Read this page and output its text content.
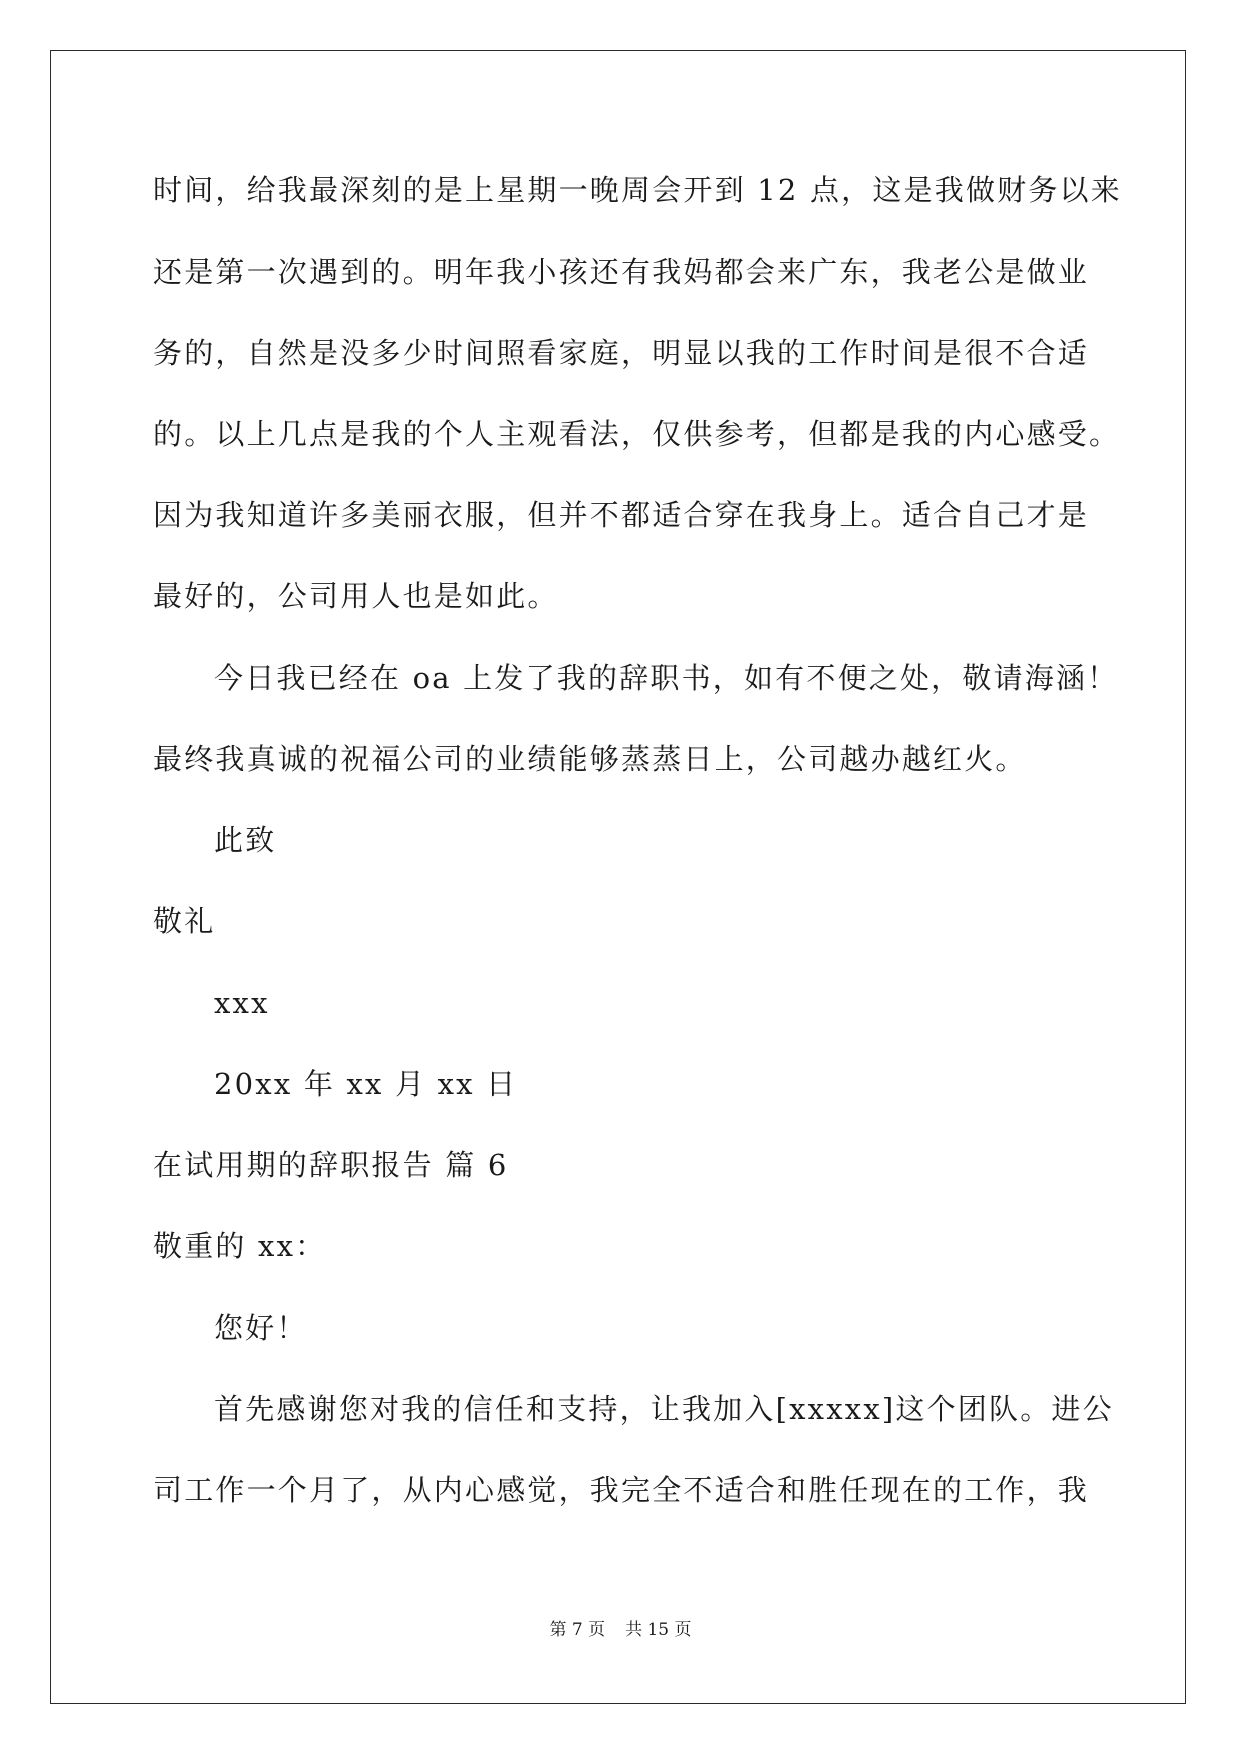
时间，给我最深刻的是上星期一晚周会开到 12 点，这是我做财务以来
还是第一次遇到的。明年我小孩还有我妈都会来广东，我老公是做业
务的，自然是没多少时间照看家庭，明显以我的工作时间是很不合适
的。以上几点是我的个人主观看法，仅供参考，但都是我的内心感受。
因为我知道许多美丽衣服，但并不都适合穿在我身上。适合自己才是
最好的，公司用人也是如此。
今日我已经在 oa 上发了我的辞职书，如有不便之处，敬请海涵！
最终我真诚的祝福公司的业绩能够蒸蒸日上，公司越办越红火。
此致
敬礼
xxx
20xx 年 xx 月 xx 日
在试用期的辞职报告 篇 6
敬重的 xx：
您好！
首先感谢您对我的信任和支持，让我加入[xxxxx]这个团队。进公
司工作一个月了，从内心感觉，我完全不适合和胜任现在的工作，我
第 7 页 共 15 页
